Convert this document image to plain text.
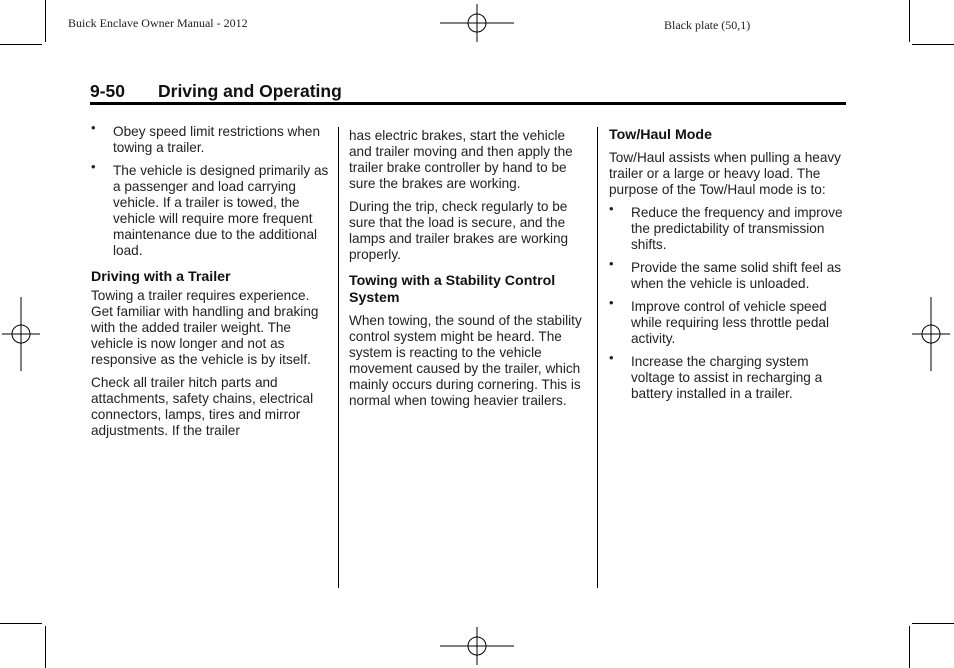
Buick Enclave Owner Manual - 2012	Black plate (50,1)
9-50 Driving and Operating
• Obey speed limit restrictions when towing a trailer.
• The vehicle is designed primarily as a passenger and load carrying vehicle. If a trailer is towed, the vehicle will require more frequent maintenance due to the additional load.
Driving with a Trailer

Towing a trailer requires experience. Get familiar with handling and braking with the added trailer weight. The vehicle is now longer and not as responsive as the vehicle is by itself.

Check all trailer hitch parts and attachments, safety chains, electrical connectors, lamps, tires and mirror adjustments. If the trailer

has electric brakes, start the vehicle and trailer moving and then apply the trailer brake controller by hand to be sure the brakes are working.

During the trip, check regularly to be sure that the load is secure, and the lamps and trailer brakes are working properly.

Towing with a Stability Control System

When towing, the sound of the stability control system might be heard. The system is reacting to the vehicle movement caused by the trailer, which mainly occurs during cornering. This is normal when towing heavier trailers.

Tow/Haul Mode

Tow/Haul assists when pulling a heavy trailer or a large or heavy load. The purpose of the Tow/Haul mode is to:

• Reduce the frequency and improve the predictability of transmission shifts.
• Provide the same solid shift feel as when the vehicle is unloaded.
• Improve control of vehicle speed while requiring less throttle pedal activity.
• Increase the charging system voltage to assist in recharging a battery installed in a trailer.
